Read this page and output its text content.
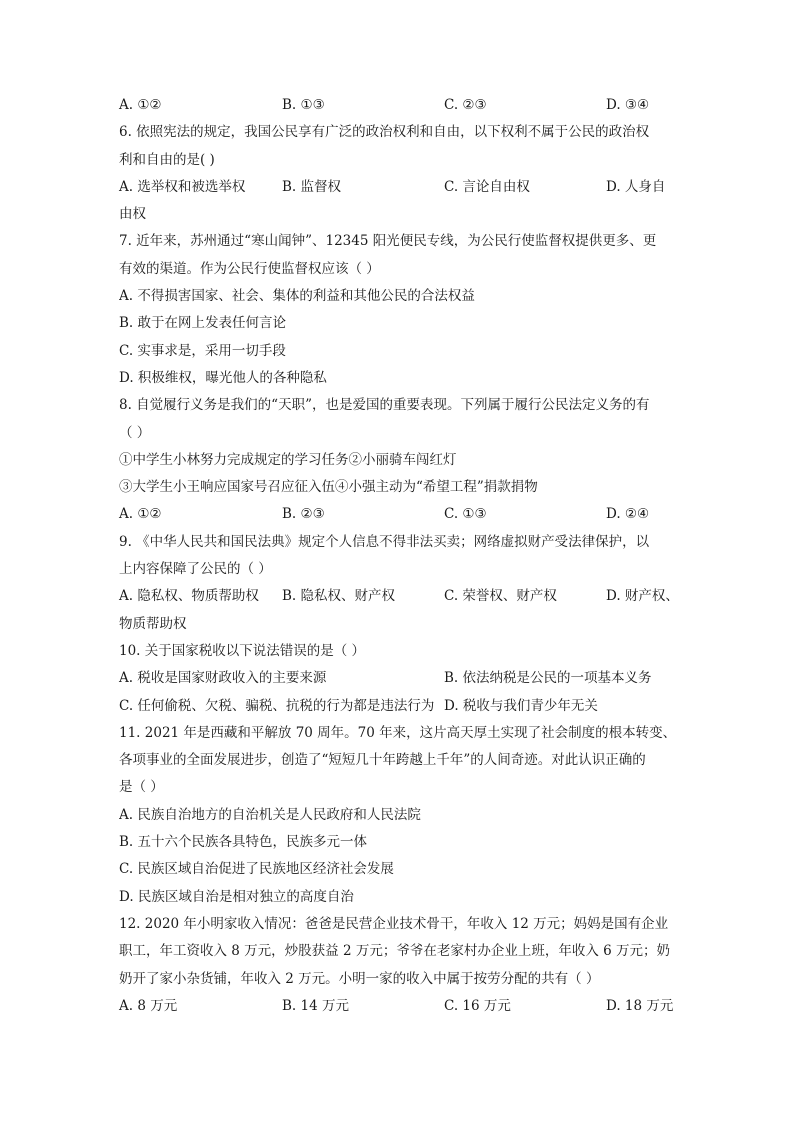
A. ①②	B. ①③	C. ②③	D. ③④
6. 依照宪法的规定，我国公民享有广泛的政治权利和自由，以下权利不属于公民的政治权
利和自由的是( )
A. 选举权和被选举权	B. 监督权	C. 言论自由权	D. 人身自
由权
7. 近年来，苏州通过“寒山闻钟”、12345 阳光便民专线，为公民行使监督权提供更多、更
有效的渠道。作为公民行使监督权应该（ ）
A. 不得损害国家、社会、集体的利益和其他公民的合法权益
B. 敢于在网上发表任何言论
C. 实事求是，采用一切手段
D. 积极维权，曝光他人的各种隐私
8. 自觉履行义务是我们的“天职”，也是爱国的重要表现。下列属于履行公民法定义务的有
（ ）
①中学生小林努力完成规定的学习任务②小丽骑车闯红灯
③大学生小王响应国家号召应征入伍④小强主动为“希望工程”捐款捐物
A. ①②	B. ②③	C. ①③	D. ②④
9. 《中华人民共和国民法典》规定个人信息不得非法买卖；网络虚拟财产受法律保护，以
上内容保障了公民的（ ）
A. 隐私权、物质帮助权 B. 隐私权、财产权	C. 荣誉权、财产权	D. 财产权、
物质帮助权
10. 关于国家税收以下说法错误的是（ ）
A. 税收是国家财政收入的主要来源	B. 依法纳税是公民的一项基本义务
C. 任何偷税、欠税、骗税、抗税的行为都是违法行为 D. 税收与我们青少年无关
11. 2021 年是西藏和平解放 70 周年。70 年来，这片高天厚土实现了社会制度的根本转变、
各项事业的全面发展进步，创造了“短短几十年跨越上千年”的人间奇迹。对此认识正确的
是（ ）
A. 民族自治地方的自治机关是人民政府和人民法院
B. 五十六个民族各具特色，民族多元一体
C. 民族区域自治促进了民族地区经济社会发展
D. 民族区域自治是相对独立的高度自治
12. 2020 年小明家收入情况：爸爸是民营企业技术骨干，年收入 12 万元；妈妈是国有企业
职工，年工资收入 8 万元，炒股获益 2 万元；爷爷在老家村办企业上班，年收入 6 万元；奶
奶开了家小杂货铺，年收入 2 万元。小明一家的收入中属于按劳分配的共有（ ）
A. 8 万元	B. 14 万元	C. 16 万元	D. 18 万元
